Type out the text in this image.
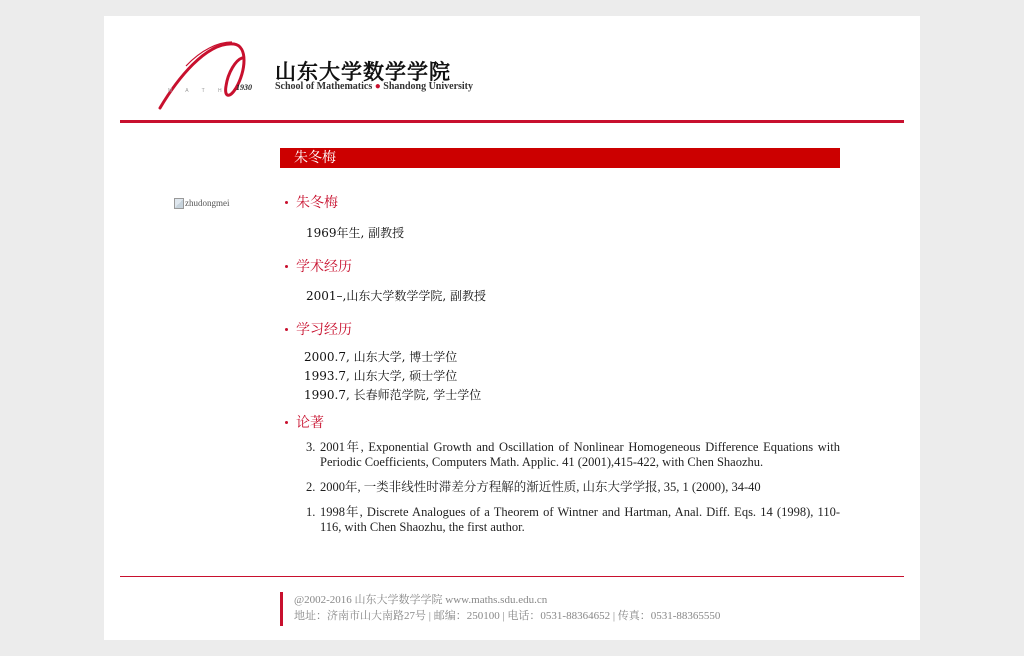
M A T H 1930
山东大学数学学院
School of Mathematics ● Shandong University
朱冬梅
zhudongmei	朱冬梅
1969年生, 副教授
学术经历
2001–,山东大学数学学院, 副教授
学习经历
2000.7, 山东大学, 博士学位
1993.7, 山东大学, 硕士学位
1990.7, 长春师范学院, 学士学位
论著
3. 2001年, Exponential Growth and Oscillation of Nonlinear Homogeneous Difference Equations with Periodic Coefficients, Computers Math. Applic. 41 (2001),415-422, with Chen Shaozhu.
2. 2000年, 一类非线性时滞差分方程解的渐近性质, 山东大学学报, 35, 1 (2000), 34-40
1. 1998年, Discrete Analogues of a Theorem of Wintner and Hartman, Anal. Diff. Eqs. 14 (1998), 110-116, with Chen Shaozhu, the first author.
@2002-2016 山东大学数学学院 www.maths.sdu.edu.cn
地址：济南市山大南路27号 | 邮编：250100 | 电话：0531-88364652 | 传真：0531-88365550
